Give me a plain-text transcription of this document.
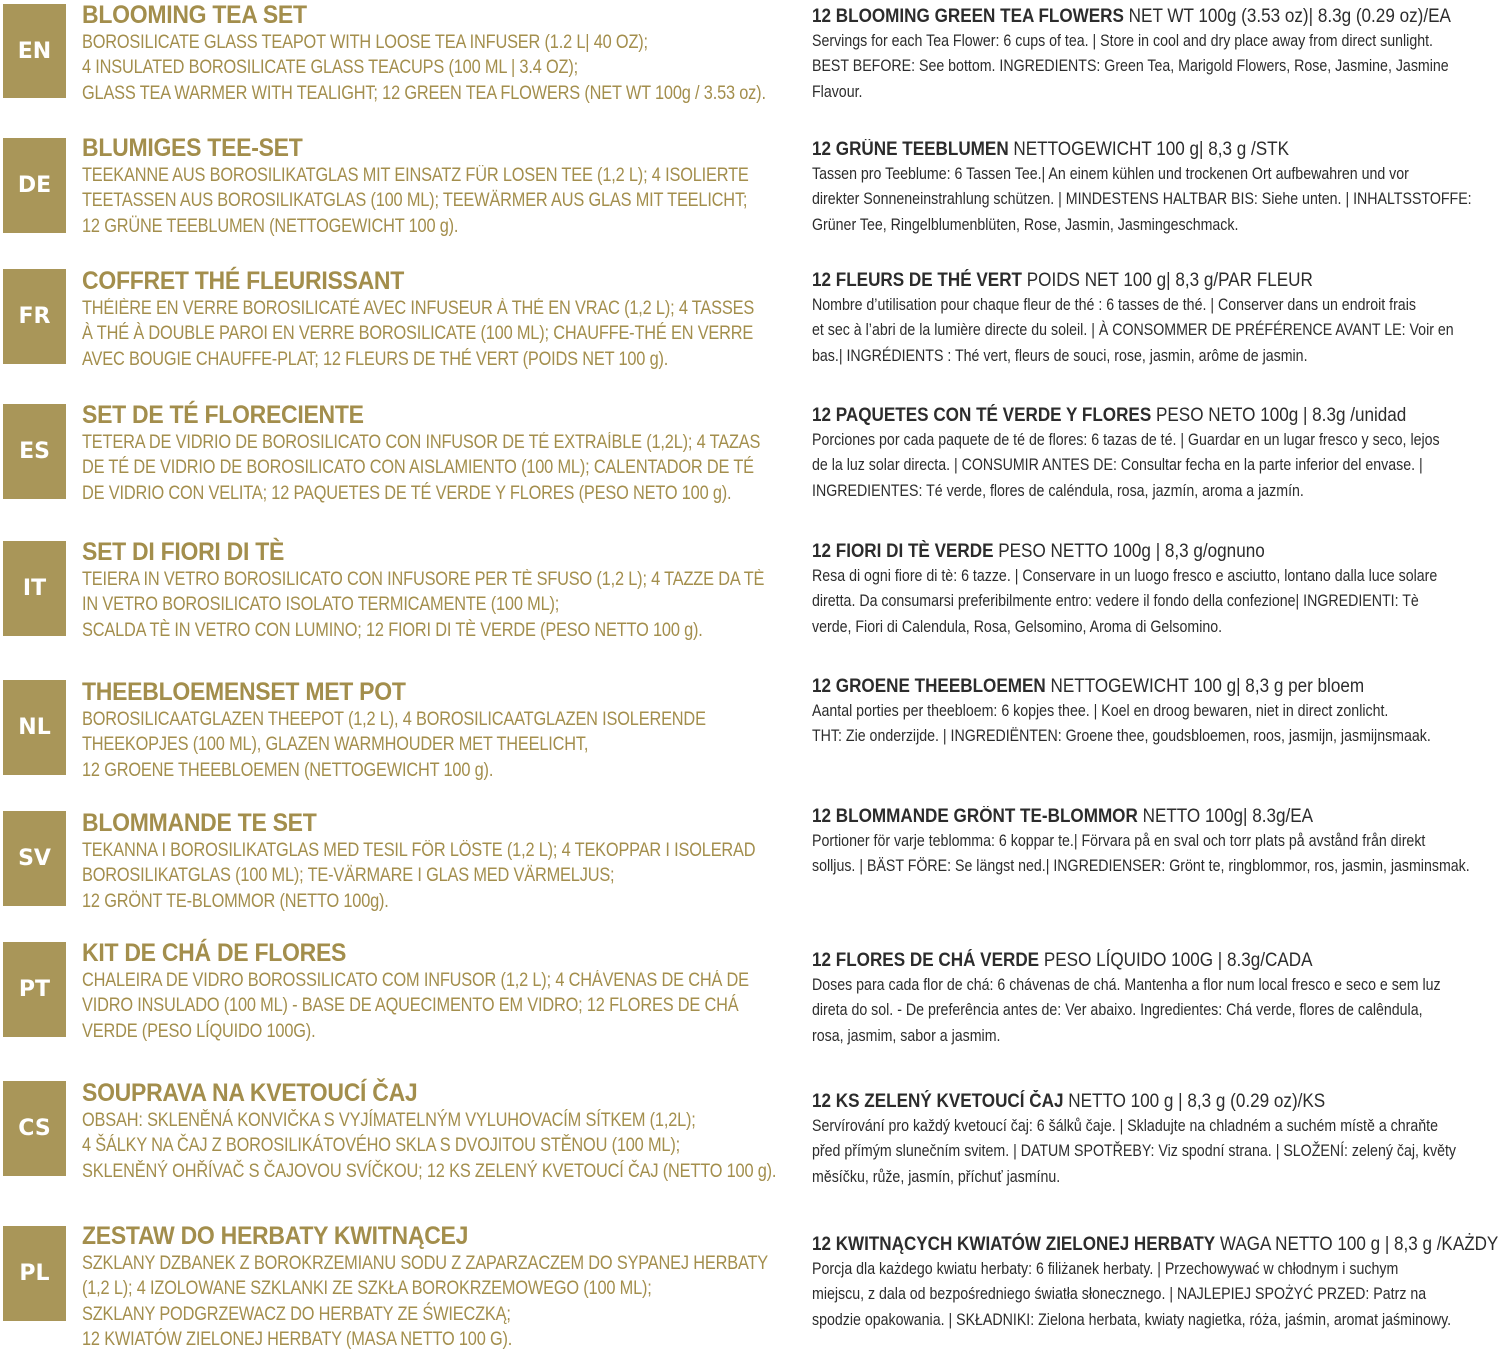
EN
BLOOMING TEA SET
BOROSILICATE GLASS TEAPOT WITH LOOSE TEA INFUSER (1.2 L| 40 OZ);
4 INSULATED BOROSILICATE GLASS TEACUPS (100 ML | 3.4 OZ);
GLASS TEA WARMER WITH TEALIGHT; 12 GREEN TEA FLOWERS (NET WT 100g / 3.53 oz).
12 BLOOMING GREEN TEA FLOWERS NET WT 100g (3.53 oz)| 8.3g (0.29 oz)/EA
Servings for each Tea Flower: 6 cups of tea. | Store in cool and dry place away from direct sunlight.
BEST BEFORE: See bottom. INGREDIENTS: Green Tea, Marigold Flowers, Rose, Jasmine, Jasmine
Flavour.
DE
BLUMIGES TEE-SET
TEEKANNE AUS BOROSILIKATGLAS MIT EINSATZ FÜR LOSEN TEE (1,2 L); 4 ISOLIERTE
TEETASSEN AUS BOROSILIKATGLAS (100 ML); TEEWÄRMER AUS GLAS MIT TEELICHT;
12 GRÜNE TEEBLUMEN (NETTOGEWICHT 100 g).
12 GRÜNE TEEBLUMEN NETTOGEWICHT 100 g| 8,3 g /STK
Tassen pro Teeblume: 6 Tassen Tee.| An einem kühlen und trockenen Ort aufbewahren und vor
direkter Sonneneinstrahlung schützen. | MINDESTENS HALTBAR BIS: Siehe unten. | INHALTSSTOFFE:
Grüner Tee, Ringelblumenblüten, Rose, Jasmin, Jasmingeschmack.
FR
COFFRET THÉ FLEURISSANT
THÉIÈRE EN VERRE BOROSILICATÉ AVEC INFUSEUR À THÉ EN VRAC (1,2 L); 4 TASSES
À THÉ À DOUBLE PAROI EN VERRE BOROSILICATE (100 ML); CHAUFFE-THÉ EN VERRE
AVEC BOUGIE CHAUFFE-PLAT; 12 FLEURS DE THÉ VERT (POIDS NET 100 g).
12 FLEURS DE THÉ VERT POIDS NET 100 g| 8,3 g/PAR FLEUR
Nombre d’utilisation pour chaque fleur de thé : 6 tasses de thé. | Conserver dans un endroit frais
et sec à l’abri de la lumière directe du soleil. | À CONSOMMER DE PRÉFÉRENCE AVANT LE: Voir en
bas.| INGRÉDIENTS : Thé vert, fleurs de souci, rose, jasmin, arôme de jasmin.
ES
SET DE TÉ FLORECIENTE
TETERA DE VIDRIO DE BOROSILICATO CON INFUSOR DE TÉ EXTRAÍBLE (1,2L); 4 TAZAS
DE TÉ DE VIDRIO DE BOROSILICATO CON AISLAMIENTO (100 ML); CALENTADOR DE TÉ
DE VIDRIO CON VELITA; 12 PAQUETES DE TÉ VERDE Y FLORES (PESO NETO 100 g).
12 PAQUETES CON TÉ VERDE Y FLORES PESO NETO 100g | 8.3g /unidad
Porciones por cada paquete de té de flores: 6 tazas de té. | Guardar en un lugar fresco y seco, lejos
de la luz solar directa. | CONSUMIR ANTES DE: Consultar fecha en la parte inferior del envase. |
INGREDIENTES: Té verde, flores de caléndula, rosa, jazmín, aroma a jazmín.
IT
SET DI FIORI DI TÈ
TEIERA IN VETRO BOROSILICATO CON INFUSORE PER TÈ SFUSO (1,2 L); 4 TAZZE DA TÈ
IN VETRO BOROSILICATO ISOLATO TERMICAMENTE (100 ML);
SCALDA TÈ IN VETRO CON LUMINO; 12 FIORI DI TÈ VERDE (PESO NETTO 100 g).
12 FIORI DI TÈ VERDE PESO NETTO 100g | 8,3 g/ognuno
Resa di ogni fiore di tè: 6 tazze. | Conservare in un luogo fresco e asciutto, lontano dalla luce solare
diretta. Da consumarsi preferibilmente entro: vedere il fondo della confezione| INGREDIENTI: Tè
verde, Fiori di Calendula, Rosa, Gelsomino, Aroma di Gelsomino.
NL
THEEBLOEMENSET MET POT
BOROSILICAATGLAZEN THEEPOT (1,2 L), 4 BOROSILICAATGLAZEN ISOLERENDE
THEEKOPJES (100 ML), GLAZEN WARMHOUDER MET THEELICHT,
12 GROENE THEEBLOEMEN (NETTOGEWICHT 100 g).
12 GROENE THEEBLOEMEN NETTOGEWICHT 100 g| 8,3 g per bloem
Aantal porties per theebloem: 6 kopjes thee. | Koel en droog bewaren, niet in direct zonlicht.
THT: Zie onderzijde. | INGREDIËNTEN: Groene thee, goudsbloemen, roos, jasmijn, jasmijnsmaak.
SV
BLOMMANDE TE SET
TEKANNA I BOROSILIKATGLAS MED TESIL FÖR LÖSTE (1,2 L); 4 TEKOPPAR I ISOLERAD
BOROSILIKATGLAS (100 ML); TE-VÄRMARE I GLAS MED VÄRMELJUS;
12 GRÖNT TE-BLOMMOR (NETTO 100g).
12 BLOMMANDE GRÖNT TE-BLOMMOR NETTO 100g| 8.3g/EA
Portioner för varje teblomma: 6 koppar te.| Förvara på en sval och torr plats på avstånd från direkt
solljus. | BÄST FÖRE: Se längst ned.| INGREDIENSER: Grönt te, ringblommor, ros, jasmin, jasminsmak.
PT
KIT DE CHÁ DE FLORES
CHALEIRA DE VIDRO BOROSSILICATO COM INFUSOR (1,2 L); 4 CHÁVENAS DE CHÁ DE
VIDRO INSULADO (100 ML) - BASE DE AQUECIMENTO EM VIDRO; 12 FLORES DE CHÁ
VERDE (PESO LÍQUIDO 100G).
12 FLORES DE CHÁ VERDE PESO LÍQUIDO 100G | 8.3g/CADA
Doses para cada flor de chá: 6 chávenas de chá. Mantenha a flor num local fresco e seco e sem luz
direta do sol. - De preferência antes de: Ver abaixo. Ingredientes: Chá verde, flores de calêndula,
rosa, jasmim, sabor a jasmim.
CS
SOUPRAVA NA KVETOUCÍ ČAJ
OBSAH: SKLENĚNÁ KONVIČKA S VYJÍMATELNÝM VYLUHOVACÍM SÍTKEM (1,2L);
4 ŠÁLKY NA ČAJ Z BOROSILIKÁTOVÉHO SKLA S DVOJITOU STĚNOU (100 ML);
SKLENĚNÝ OHŘÍVAČ S ČAJOVOU SVÍČKOU; 12 KS ZELENÝ KVETOUCÍ ČAJ (NETTO 100 g).
12 KS ZELENÝ KVETOUCÍ ČAJ NETTO 100 g | 8,3 g (0.29 oz)/KS
Servírování pro každý kvetoucí čaj: 6 šálků čaje. | Skladujte na chladném a suchém místě a chraňte
před přímým slunečním svitem. | DATUM SPOTŘEBY: Viz spodní strana. | SLOŽENÍ: zelený čaj, květy
měsíčku, růže, jasmín, příchuť jasmínu.
PL
ZESTAW DO HERBATY KWITNĄCEJ
SZKLANY DZBANEK Z BOROKRZEMIANU SODU Z ZAPARZACZEM DO SYPANEJ HERBATY
(1,2 L); 4 IZOLOWANE SZKLANKI ZE SZKŁA BOROKRZEMOWEGO (100 ML);
SZKLANY PODGRZEWACZ DO HERBATY ZE ŚWIECZKĄ;
12 KWIATÓW ZIELONEJ HERBATY (MASA NETTO 100 G).
12 KWITNĄCYCH KWIATÓW ZIELONEJ HERBATY WAGA NETTO 100 g | 8,3 g /KAŻDY
Porcja dla każdego kwiatu herbaty: 6 filiżanek herbaty. | Przechowywać w chłodnym i suchym
miejscu, z dala od bezpośredniego światła słonecznego. | NAJLEPIEJ SPOŻYĆ PRZED: Patrz na
spodzie opakowania. | SKŁADNIKI: Zielona herbata, kwiaty nagietka, róża, jaśmin, aromat jaśminowy.
